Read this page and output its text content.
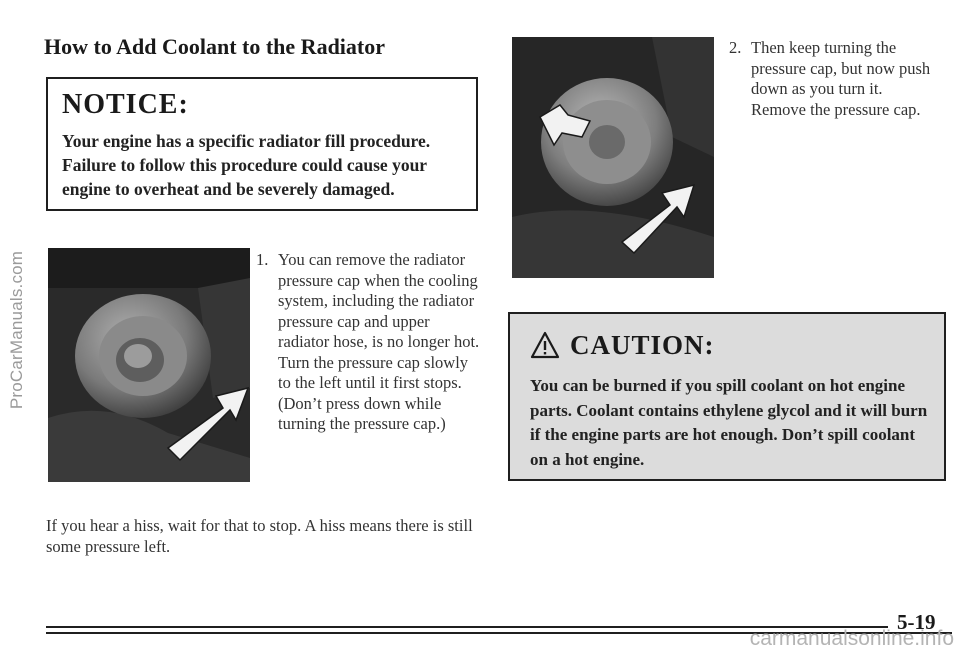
ProCarManuals.com
How to Add Coolant to the Radiator

NOTICE:

Your engine has a specific radiator fill procedure. Failure to follow this procedure could cause your engine to overheat and be severely damaged.

1. You can remove the radiator pressure cap when the cooling system, including the radiator pressure cap and upper radiator hose, is no longer hot. Turn the pressure cap slowly to the left until it first stops. (Don’t press down while turning the pressure cap.)
If you hear a hiss, wait for that to stop. A hiss means there is still some pressure left.
2. Then keep turning the pressure cap, but now push down as you turn it. Remove the pressure cap.
CAUTION:

You can be burned if you spill coolant on hot engine parts. Coolant contains ethylene glycol and it will burn if the engine parts are hot enough. Don’t spill coolant on a hot engine.

5-19
carmanualsonline.info
